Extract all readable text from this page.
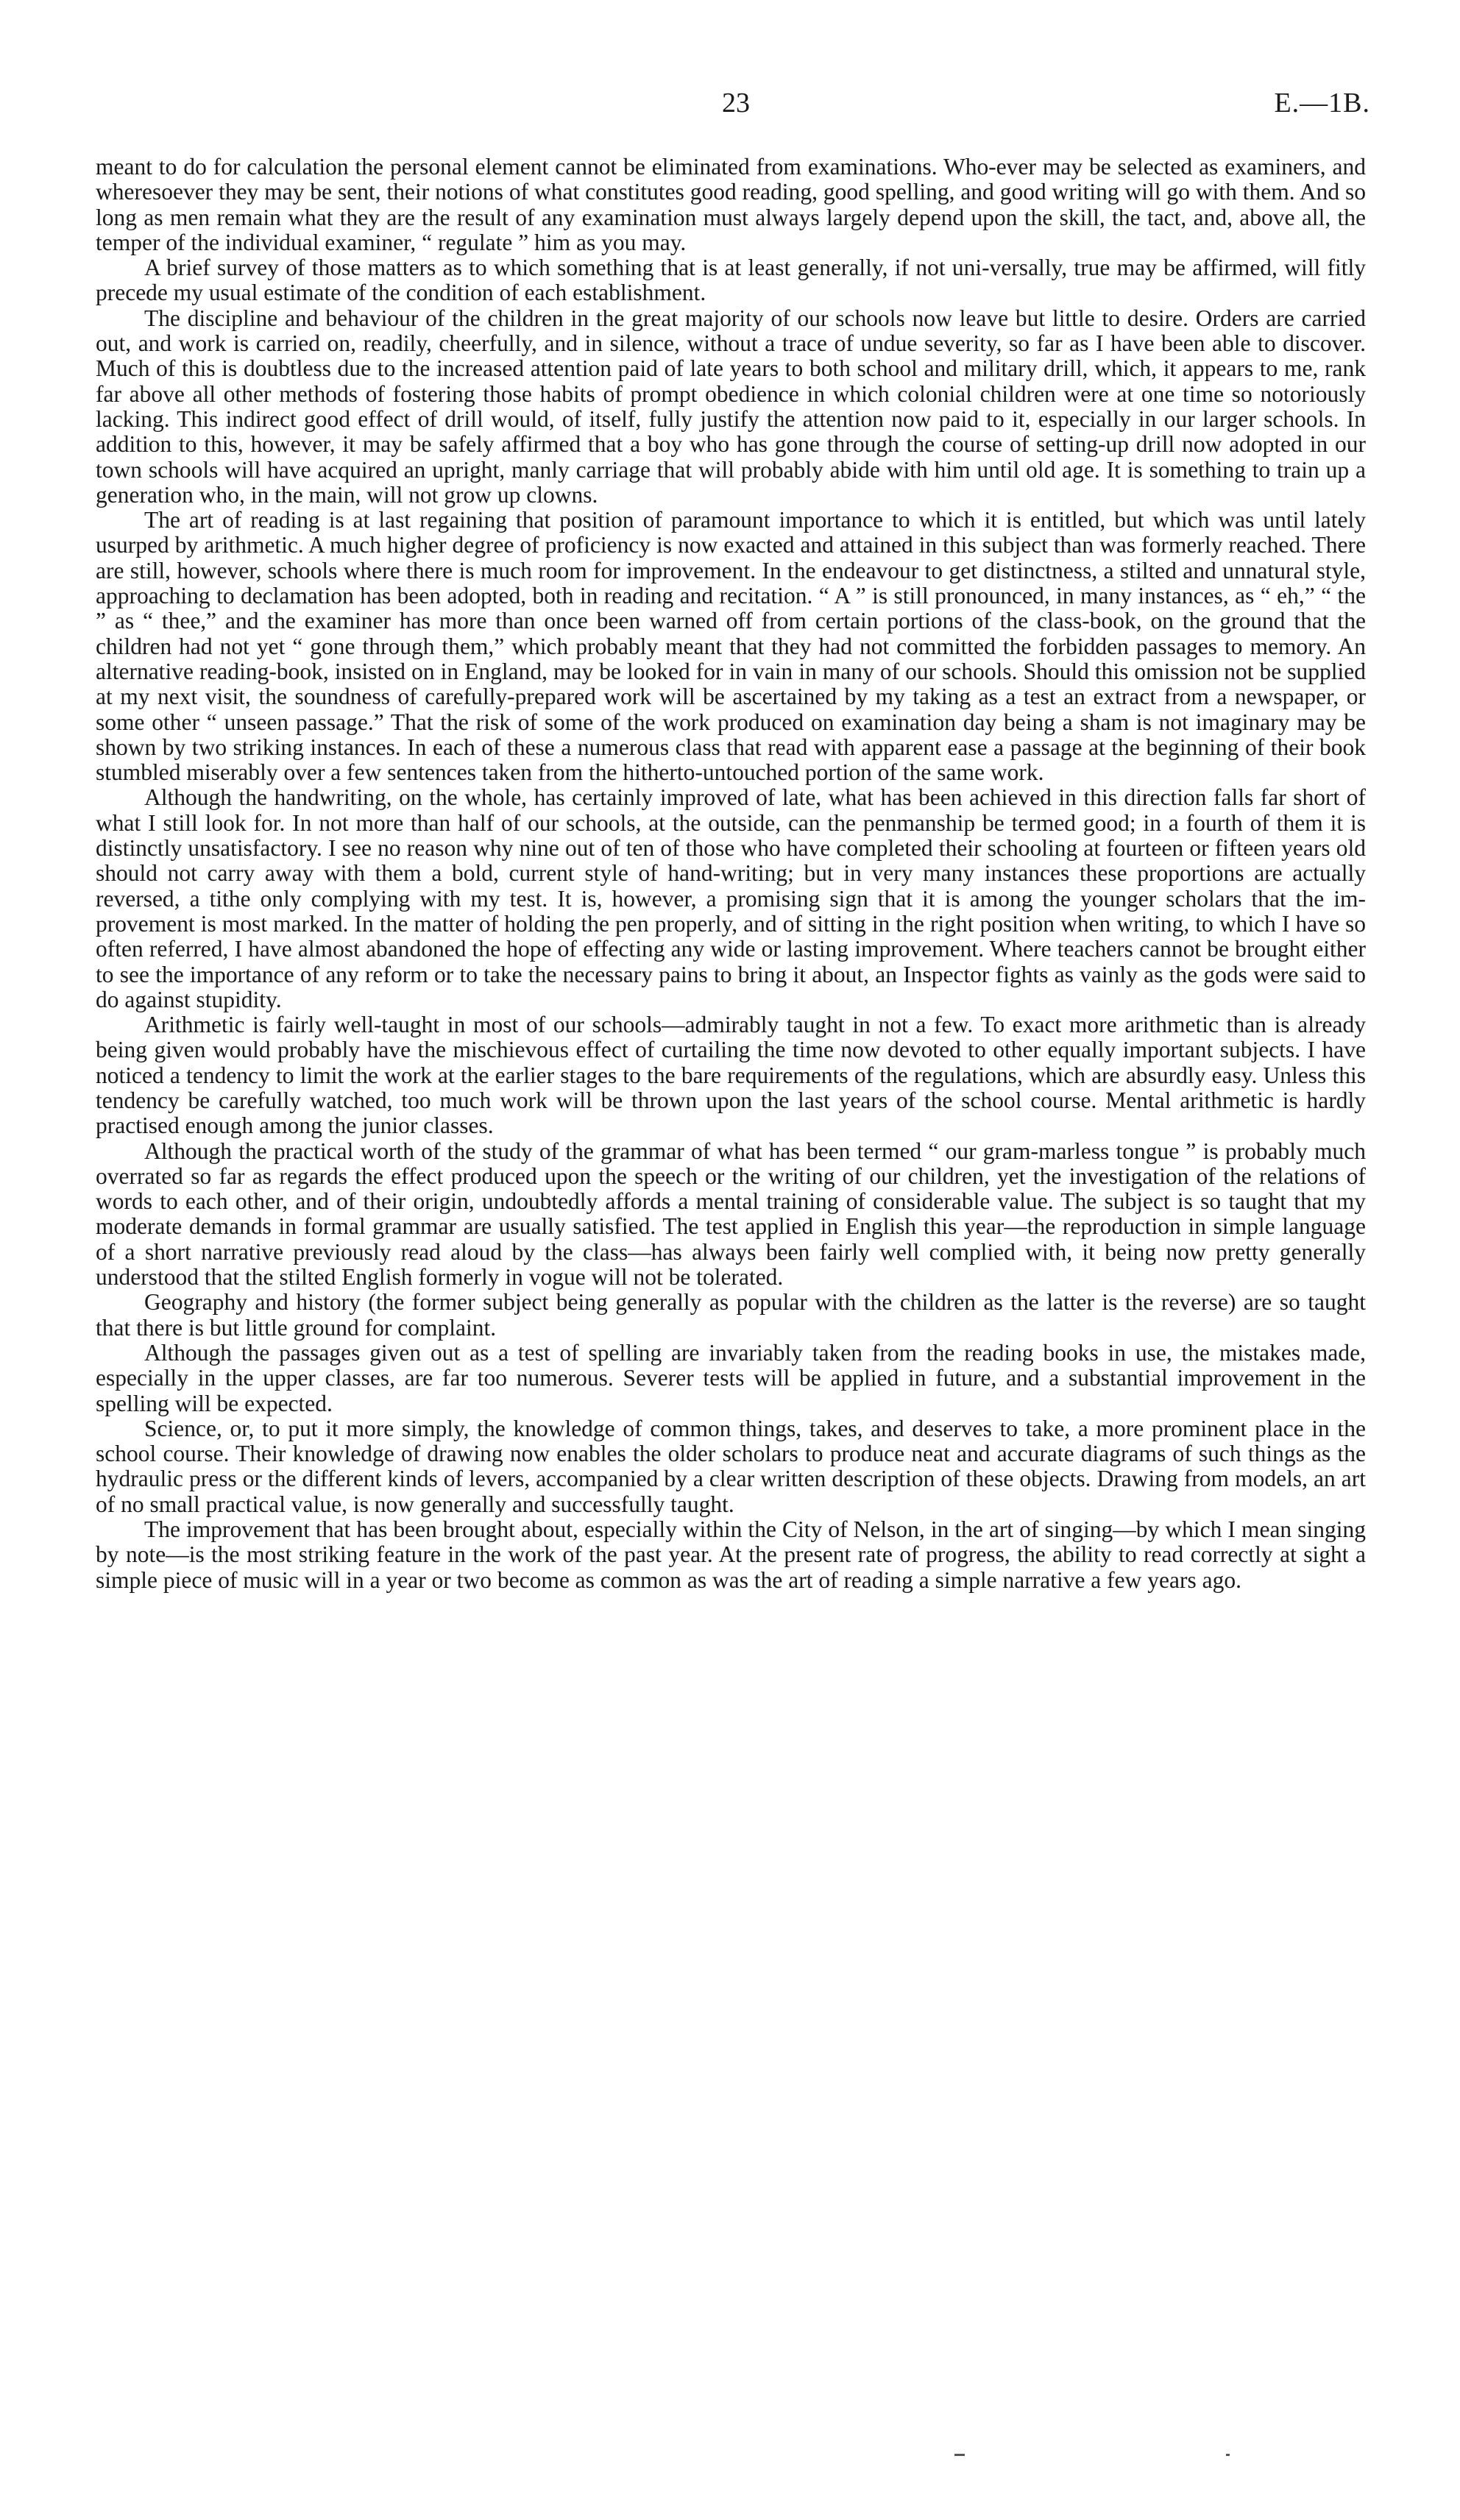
23	E.—1B.

meant to do for calculation the personal element cannot be eliminated from examinations. Who-ever may be selected as examiners, and wheresoever they may be sent, their notions of what constitutes good reading, good spelling, and good writing will go with them. And so long as men remain what they are the result of any examination must always largely depend upon the skill, the tact, and, above all, the temper of the individual examiner, “ regulate ” him as you may.

A brief survey of those matters as to which something that is at least generally, if not uni-versally, true may be affirmed, will fitly precede my usual estimate of the condition of each establishment.

The discipline and behaviour of the children in the great majority of our schools now leave but little to desire. Orders are carried out, and work is carried on, readily, cheerfully, and in silence, without a trace of undue severity, so far as I have been able to discover. Much of this is doubtless due to the increased attention paid of late years to both school and military drill, which, it appears to me, rank far above all other methods of fostering those habits of prompt obedience in which colonial children were at one time so notoriously lacking. This indirect good effect of drill would, of itself, fully justify the attention now paid to it, especially in our larger schools. In addition to this, however, it may be safely affirmed that a boy who has gone through the course of setting-up drill now adopted in our town schools will have acquired an upright, manly carriage that will probably abide with him until old age. It is something to train up a generation who, in the main, will not grow up clowns.

The art of reading is at last regaining that position of paramount importance to which it is entitled, but which was until lately usurped by arithmetic. A much higher degree of proficiency is now exacted and attained in this subject than was formerly reached. There are still, however, schools where there is much room for improvement. In the endeavour to get distinctness, a stilted and unnatural style, approaching to declamation has been adopted, both in reading and recitation. “ A ” is still pronounced, in many instances, as “ eh,” “ the ” as “ thee,” and the examiner has more than once been warned off from certain portions of the class-book, on the ground that the children had not yet “ gone through them,” which probably meant that they had not committed the forbidden passages to memory. An alternative reading-book, insisted on in England, may be looked for in vain in many of our schools. Should this omission not be supplied at my next visit, the soundness of carefully-prepared work will be ascertained by my taking as a test an extract from a newspaper, or some other “ unseen passage.” That the risk of some of the work produced on examination day being a sham is not imaginary may be shown by two striking instances. In each of these a numerous class that read with apparent ease a passage at the beginning of their book stumbled miserably over a few sentences taken from the hitherto-untouched portion of the same work.

Although the handwriting, on the whole, has certainly improved of late, what has been achieved in this direction falls far short of what I still look for. In not more than half of our schools, at the outside, can the penmanship be termed good; in a fourth of them it is distinctly unsatisfactory. I see no reason why nine out of ten of those who have completed their schooling at fourteen or fifteen years old should not carry away with them a bold, current style of hand-writing; but in very many instances these proportions are actually reversed, a tithe only complying with my test. It is, however, a promising sign that it is among the younger scholars that the im-provement is most marked. In the matter of holding the pen properly, and of sitting in the right position when writing, to which I have so often referred, I have almost abandoned the hope of effecting any wide or lasting improvement. Where teachers cannot be brought either to see the importance of any reform or to take the necessary pains to bring it about, an Inspector fights as vainly as the gods were said to do against stupidity.

Arithmetic is fairly well-taught in most of our schools—admirably taught in not a few. To exact more arithmetic than is already being given would probably have the mischievous effect of curtailing the time now devoted to other equally important subjects. I have noticed a tendency to limit the work at the earlier stages to the bare requirements of the regulations, which are absurdly easy. Unless this tendency be carefully watched, too much work will be thrown upon the last years of the school course. Mental arithmetic is hardly practised enough among the junior classes.

Although the practical worth of the study of the grammar of what has been termed “ our gram-marless tongue ” is probably much overrated so far as regards the effect produced upon the speech or the writing of our children, yet the investigation of the relations of words to each other, and of their origin, undoubtedly affords a mental training of considerable value. The subject is so taught that my moderate demands in formal grammar are usually satisfied. The test applied in English this year—the reproduction in simple language of a short narrative previously read aloud by the class—has always been fairly well complied with, it being now pretty generally understood that the stilted English formerly in vogue will not be tolerated.

Geography and history (the former subject being generally as popular with the children as the latter is the reverse) are so taught that there is but little ground for complaint.

Although the passages given out as a test of spelling are invariably taken from the reading books in use, the mistakes made, especially in the upper classes, are far too numerous. Severer tests will be applied in future, and a substantial improvement in the spelling will be expected.

Science, or, to put it more simply, the knowledge of common things, takes, and deserves to take, a more prominent place in the school course. Their knowledge of drawing now enables the older scholars to produce neat and accurate diagrams of such things as the hydraulic press or the different kinds of levers, accompanied by a clear written description of these objects. Drawing from models, an art of no small practical value, is now generally and successfully taught.

The improvement that has been brought about, especially within the City of Nelson, in the art of singing—by which I mean singing by note—is the most striking feature in the work of the past year. At the present rate of progress, the ability to read correctly at sight a simple piece of music will in a year or two become as common as was the art of reading a simple narrative a few years ago.
